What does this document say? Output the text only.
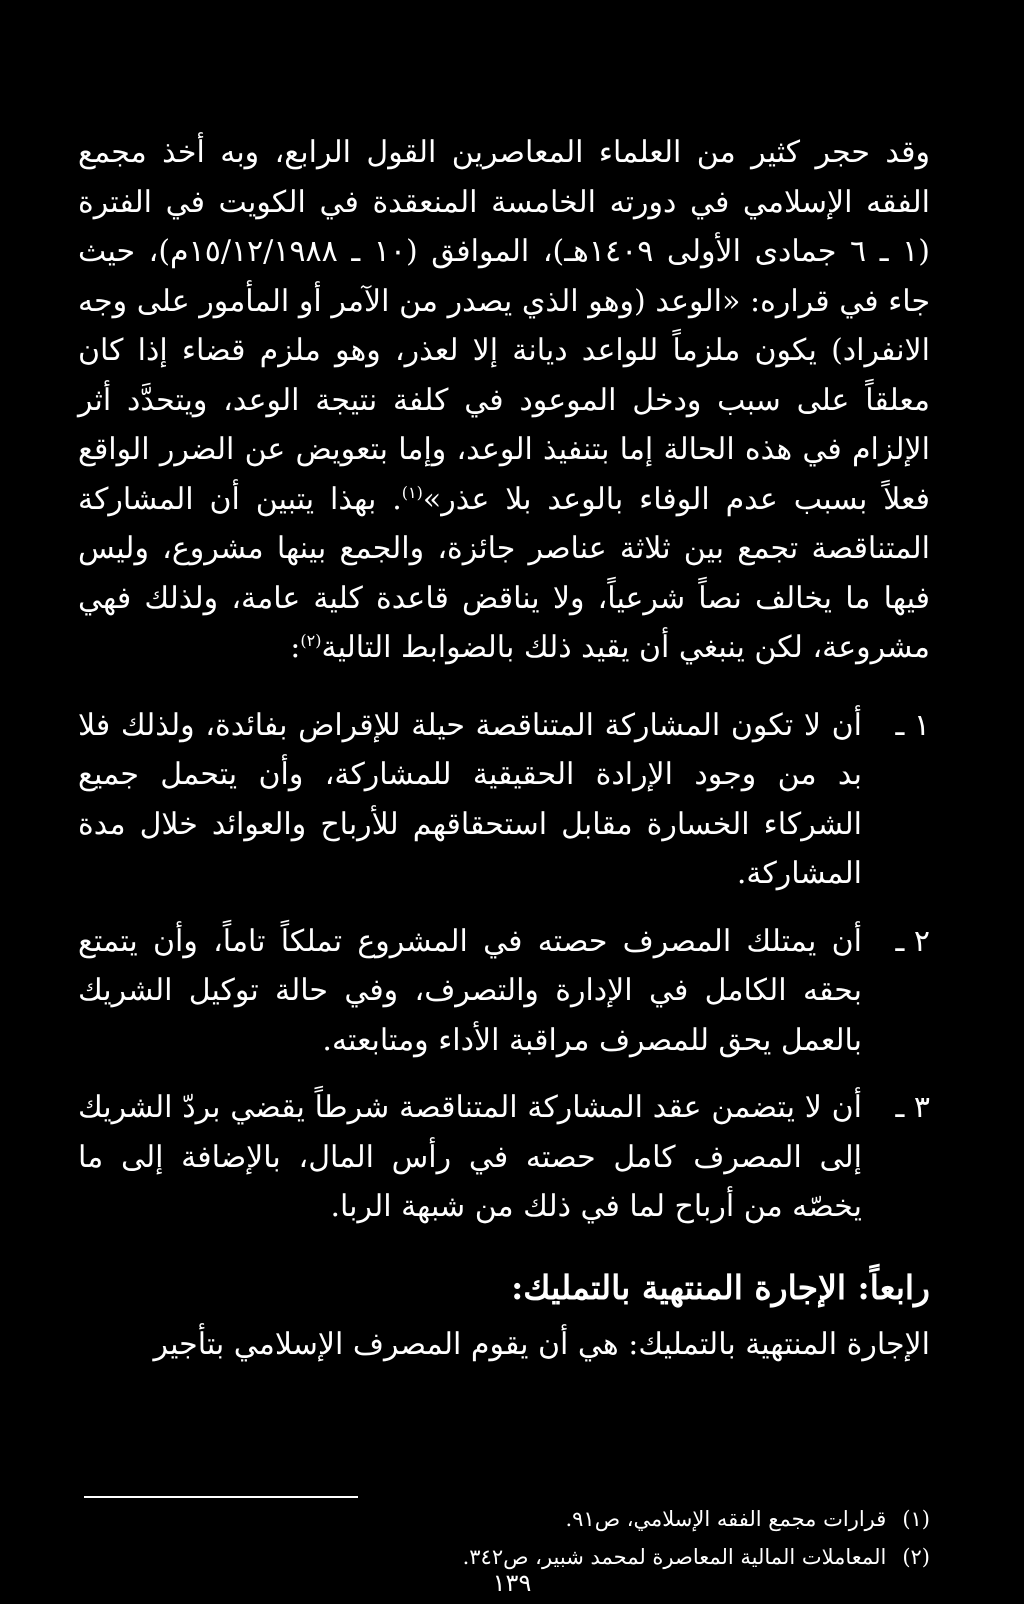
وقد حجر كثير من العلماء المعاصرين القول الرابع، وبه أخذ مجمع الفقه الإسلامي في دورته الخامسة المنعقدة في الكويت في الفترة (١ ـ ٦ جمادى الأولى ١٤٠٩هـ)، الموافق (١٠ ـ ١٥/١٢/١٩٨٨م)، حيث جاء في قراره: «الوعد (وهو الذي يصدر من الآمر أو المأمور على وجه الانفراد) يكون ملزماً للواعد ديانة إلا لعذر، وهو ملزم قضاء إذا كان معلقاً على سبب ودخل الموعود في كلفة نتيجة الوعد، ويتحدَّد أثر الإلزام في هذه الحالة إما بتنفيذ الوعد، وإما بتعويض عن الضرر الواقع فعلاً بسبب عدم الوفاء بالوعد بلا عذر»$^{(١)}$. بهذا يتبين أن المشاركة المتناقصة تجمع بين ثلاثة عناصر جائزة، والجمع بينها مشروع، وليس فيها ما يخالف نصاً شرعياً، ولا يناقض قاعدة كلية عامة، ولذلك فهي مشروعة، لكن ينبغي أن يقيد ذلك بالضوابط التالية$^{(٢)}$:

١ ـ

أن لا تكون المشاركة المتناقصة حيلة للإقراض بفائدة، ولذلك فلا بد من وجود الإرادة الحقيقية للمشاركة، وأن يتحمل جميع الشركاء الخسارة مقابل استحقاقهم للأرباح والعوائد خلال مدة المشاركة.

٢ ـ

أن يمتلك المصرف حصته في المشروع تملكاً تاماً، وأن يتمتع بحقه الكامل في الإدارة والتصرف، وفي حالة توكيل الشريك بالعمل يحق للمصرف مراقبة الأداء ومتابعته.

٣ ـ

أن لا يتضمن عقد المشاركة المتناقصة شرطاً يقضي بردّ الشريك إلى المصرف كامل حصته في رأس المال، بالإضافة إلى ما يخصّه من أرباح لما في ذلك من شبهة الربا.

رابعاً: الإجارة المنتهية بالتمليك:
الإجارة المنتهية بالتمليك: هي أن يقوم المصرف الإسلامي بتأجير
(١)قرارات مجمع الفقه الإسلامي، ص٩١.
(٢)المعاملات المالية المعاصرة لمحمد شبير، ص٣٤٢.
١٣٩
